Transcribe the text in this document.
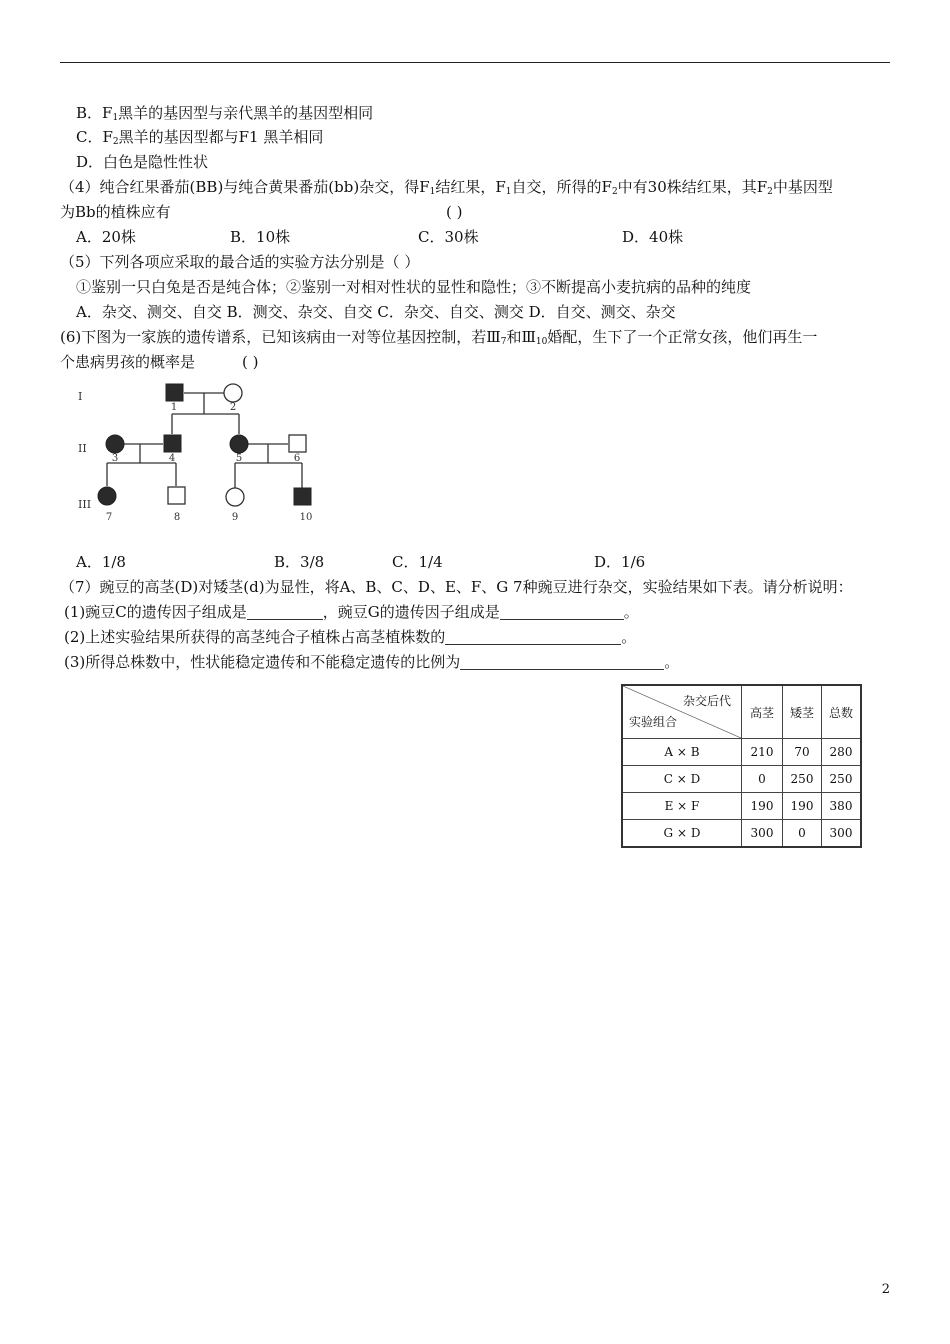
B．$F_1$黑羊的基因型与亲代黑羊的基因型相同
C．$F_2$黑羊的基因型都与F1 黑羊相同
D．白色是隐性性状
（4）纯合红果番茄(BB)与纯合黄果番茄(bb)杂交，得$F_1$结红果，$F_1$自交，所得的$F_2$中有30株结红果，其$F_2$中基因型
为Bb的植株应有	( )
A．20株	B．10株	C．30株	D．40株
（5）下列各项应采取的最合适的实验方法分别是（ ）
①鉴别一只白兔是否是纯合体；②鉴别一对相对性状的显性和隐性；③不断提高小麦抗病的品种的纯度
A．杂交、测交、自交 B．测交、杂交、自交 C．杂交、自交、测交 D．自交、测交、杂交
(6)下图为一家族的遗传谱系，已知该病由一对等位基因控制，若$Ⅲ_7$和$Ⅲ_{10}$婚配，生下了一个正常女孩，他们再生一
个患病男孩的概率是	( )
I
II
III
1	2
3	4	5	6
7	8	9	10
A．1/8	B．3/8	C．1/4	D．1/6
（7）豌豆的高茎(D)对矮茎(d)为显性，将A、B、C、D、E、F、G 7种豌豆进行杂交，实验结果如下表。请分析说明：
(1)豌豆C的遗传因子组成是	，豌豆G的遗传因子组成是	。
(2)上述实验结果所获得的高茎纯合子植株占高茎植株数的	。
(3)所得总株数中，性状能稳定遗传和不能稳定遗传的比例为	。
杂交后代
实验组合	高茎	矮茎	总数
A × B	210	70	280
C × D	0	250	250
E × F	190	190	380
G × D	300	0	300
2
